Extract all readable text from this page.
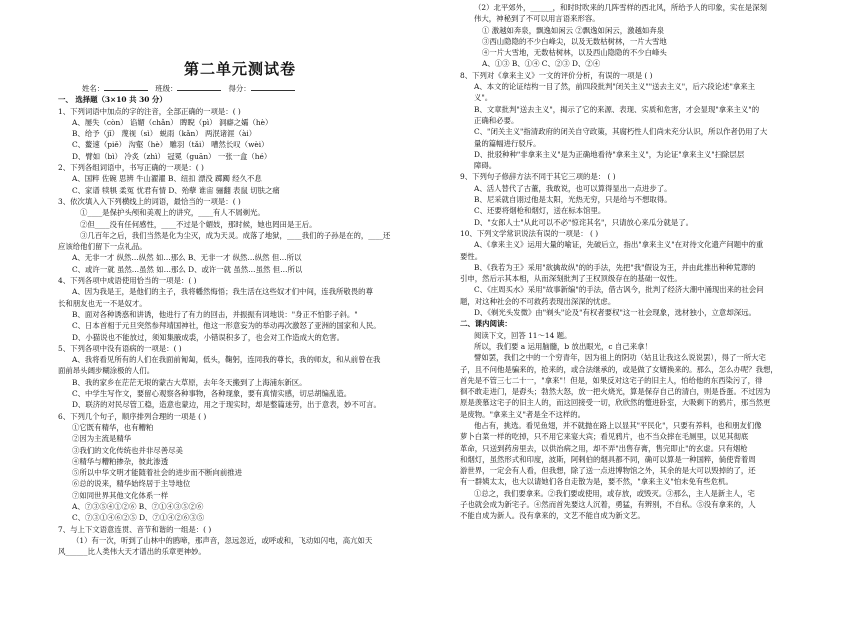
第二单元测试卷
姓名：	班级：	得分：
一、 选择题（3×10 共 30 分）
1、下列词语中加点的字的注音，全部正确的一项是：( )
A、屡失（còn） 谄媚（chǎn） 睥睨（pì） 洞癖之孀（hè）
B、给予（jǐ） 蔑视（sì） 蜕雨（kǎn） 两泯诸涯（ài）
C、鳌速（piě） 沟壑（hè） 雕羽（tǎi） 嘈然长叹（wèi）
D、臂如（bì） 冷炙（zhì） 冠冕（guān） 一张一盒（hé）
2、下列各组词语中，书写正确的一项是：( )
A、国粹 佐碗 思辨 牛山濯濯 B、纽扣 漂没 踯躅 经久不息
C、家谱 犊犋 柔冤 忧君有情 D、殆孽 谁宙 骊翻 表鼠 切肤之痛
3、依次填入入下列横线上的词语，最恰当的一项是：( )
①____是保护头颅和美观上的讲究，____有人不屑剃光。
②但____没有任何感性，____不过是个媚妓，那时候，她也罔田是王后。
③几百年之后，我们当然是化为尘灭，成为天灵。成落了地狱，____我们的子孙是在的，____还
应该给他们留下一点礼品。
A、无非一才 纵然…纵然 如…那么 B、无非一才 纵然…纵然 但…所以
C、或许一就 虽然…虽然 如…那么 D、或许一就 虽然…虽然 但…所以
4、下列各项中成语使用恰当的一项是：( )
A、因为我是王，是他们的主子，我将幡然悔悟；我生活在这些奴才们中间，连我所敬畏的尊
长和朋友也无一不是奴才。
B、面对各种诱惑和讲诱，他进行了有力的回击，并振振有词地说："身正不怕影子斜。"
C、日本首相于元旦突然参拜靖国神社，他这一形意妄为的举动再次激怒了亚洲的国家和人民。
D、小猫说也不能放过，须知集腋成裘，小错误积多了，也会对工作造成大的危害。
5、下列各项中没有语病的一项是：( )
A、我将看见所有的人们在我面前匍匐，低头，鞠躬，连同我的尊长，我的师友，和从前曾在我
面前昂头阔步糊涂极的人们。
B、我的家乡在茫茫无垠的蒙古大草原，去年冬天搬到了上海浦东新区。
C、中学生写作文，要留心观察各种事物，各种现象，要有真情实感，切忌胡编乱造。
D、联济的对民尽管工稳，造意也蒙边，用之于现实时，却是整篇迷劳，出于意表，妙不可言。
6、下列几个句子，顺序排列合理的一项是 ( )
①它既有精华，也有糟粕
②因为主流是精华
③我们的文化传统也并非尽善尽美
④精华与糟粕掺杂，彼此渗透
⑤所以中华文明才能随着社会的进步而不断向前推进
⑥总的说来，精华始终居于主导地位
⑦如同世界其他文化体系一样
A、⑦③⑤④①②⑥ B、⑦①④③⑤②⑥
C、⑦③①④⑥②⑤ D、⑦①④②⑥③⑤
7、与上下文语意连贯、音节和谐的一组是：( )
（1）有一次，听到了山林中的鸥啼，那声音，忽远忽近，或呼或和，飞动如闪电，高亢如天
风______比人类伟大天才谱出的乐章更神妙。
（2）北平郊外，______，和时时吹来的几阵雪样的西北风，所给予人的印象，实在是深刻
伟大，神秘到了不可以用言语来形容。
① 激越如奔泉，飘逸如闲云 ②飘逸如闲云，激越如奔泉
③西山隐隐的不少白峰尖，以及无数枯树林，一片大雪地
④一片大雪地，无数枯树林，以及西山隐隐的不少白峰头
A、①③ B、①④ C、②③ D、②④
8、下列对《拿来主义》一文的评价分析，有误的一项是 ( )
A、本文的论证结构一目了然，前四段批判"闭关主义""送去主义"，后六段论述"拿来主
义"。
B、文章批判"送去主义"，揭示了它的来源、表现、实质和危害，才会显现"拿来主义"的
正确和必要。
C、"闭关主义"指清政府的闭关自守政策，其腐朽性人们尚未充分认识，所以作者仍用了大
量的篇幅进行驳斥。
D、批驳种种"非拿来主义"是为正确地看待"拿来主义"，为论证"拿来主义"扫除层层
障碍。
9、下列句子修辞方法不同于其它三项的是： ( )
A、活人替代了古董，我敢说，也可以算得显出一点进步了。
B、尼采就自诩过他是太阳，光热无穷，只是给与不想取得。
C、还要将烟枪和烟灯，送在标本馆里。
D、"女郎人士"从此可以不必"惊诧其名"，只请放心来瓜分就是了。
10、下列文学常识说法有误的一项是： ( )
A、《拿来主义》运用大量的喻证，先破后立，指出"拿来主义"在对待文化遗产问题中的重
要性。
B、《我若为王》采用"欲擒故纵"的的手法，先把"我"假设为王，并由此推出种种荒谬的
引申，然后示其本相，从而深刻批判了王权顶级存在的基础一奴性。
C、《庄周买水》采用"故事新编"的手法，借古讽今，批判了经济大潮中涌现出来的社会问
题，对这种社会的不可救药表现出深深的忧虑。
D、《剃光头发微》由"剃头"论及"有权者要权"这一社会现象，选材独小，立意却深远。
二、课内阅读：
阅读下文，回答 11～14 题。
所以，我们要 a 运用脑髓，b 放出眼光，c 自己来拿！
譬如罢，我们之中的一个穷青年，因为祖上的阴功（姑且让我这么说说罢），得了一所大宅
子，且不问他是骗来的，抢来的，或合法继承的，或是做了女婿换来的。那么，怎么办呢？我想，
首先是不管三七二十一，"拿来"！但是，如果反对这宅子的旧主人，怕给他的东西染污了，徘
徊不敢走进门，是孬头；勃然大怒，放一把火烧光，算是保存自己的清白，则是昏蛋。不过因为
原是羡慕这宅子的旧主人的，而这回接受一切，欣欣然的蹩进卧室，大吸剩下的鸦片，那当然更
是废物。"拿来主义"者是全不这样的。
他占有，挑选。看见鱼翅，并不就抛在路上以显其"平民化"，只要有养料，也和朋友们像
萝卜白菜一样的吃掉，只不用它来宴大宾；看见鸦片，也不当众摔在毛厕里，以见其彻底
革命，只送到药房里去，以供治病之用，却不弄"出售存膏，售完即止"的玄虚。只有烟枪
和烟灯，虽然形式和印度，波斯，阿剌伯的烟具都不同，确可以算是一种国粹，倘使背着周
游世界，一定会有人看，但我想，除了送一点进博物馆之外，其余的是大可以毁掉的了，还
有一群姨太太，也大以请她们各自走散为是，要不然，"拿来主义"怕未免有些危机。
①总之，我们要拿来。②我们要或使用，或存放，或毁灭。③那么，主人是新主人，宅
子也就会成为新宅子。④然而首先要这人沉着，勇猛，有辨别，不自私。⑤没有拿来的，人
不能自成为新人。没有拿来的，文艺不能自成为新文艺。
